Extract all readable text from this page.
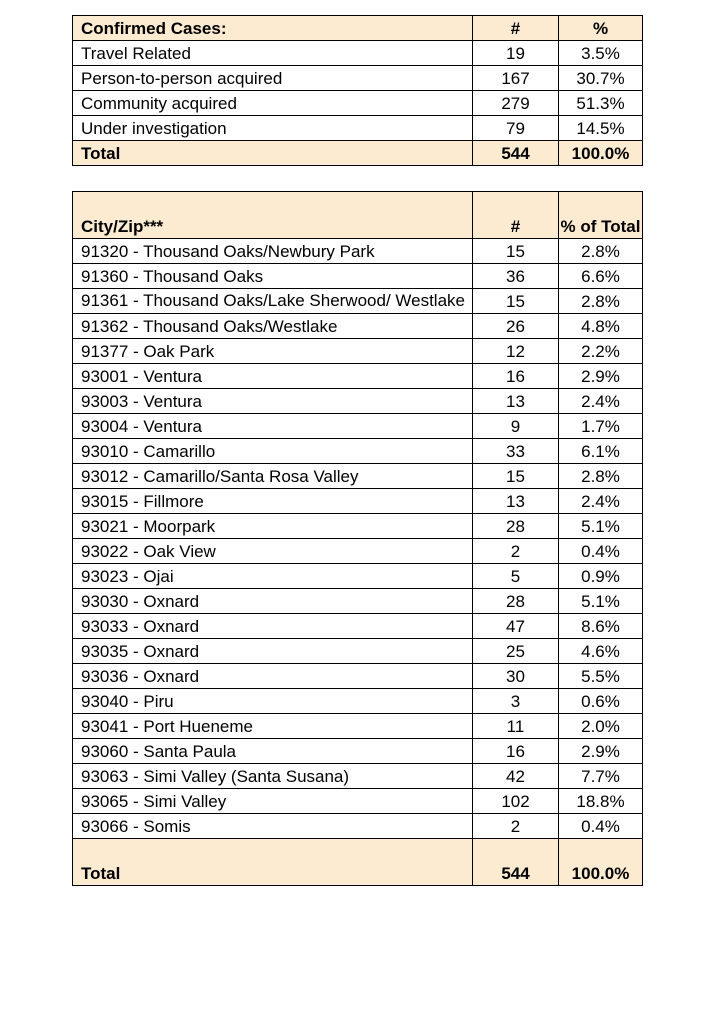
Confirmed Cases:	#	%
Travel Related	19	3.5%
Person-to-person acquired	167	30.7%
Community acquired	279	51.3%
Under investigation	79	14.5%
Total	544	100.0%
City/Zip***	#	% of Total
91320 - Thousand Oaks/Newbury Park	15	2.8%
91360 - Thousand Oaks	36	6.6%
91361 - Thousand Oaks/Lake Sherwood/ Westlake	15	2.8%
91362 - Thousand Oaks/Westlake	26	4.8%
91377 - Oak Park	12	2.2%
93001 - Ventura	16	2.9%
93003 - Ventura	13	2.4%
93004 - Ventura	9	1.7%
93010 - Camarillo	33	6.1%
93012 - Camarillo/Santa Rosa Valley	15	2.8%
93015 - Fillmore	13	2.4%
93021 - Moorpark	28	5.1%
93022 - Oak View	2	0.4%
93023 - Ojai	5	0.9%
93030 - Oxnard	28	5.1%
93033 - Oxnard	47	8.6%
93035 - Oxnard	25	4.6%
93036 - Oxnard	30	5.5%
93040 - Piru	3	0.6%
93041 - Port Hueneme	11	2.0%
93060 - Santa Paula	16	2.9%
93063 - Simi Valley (Santa Susana)	42	7.7%
93065 - Simi Valley	102	18.8%
93066 - Somis	2	0.4%
Total	544	100.0%
